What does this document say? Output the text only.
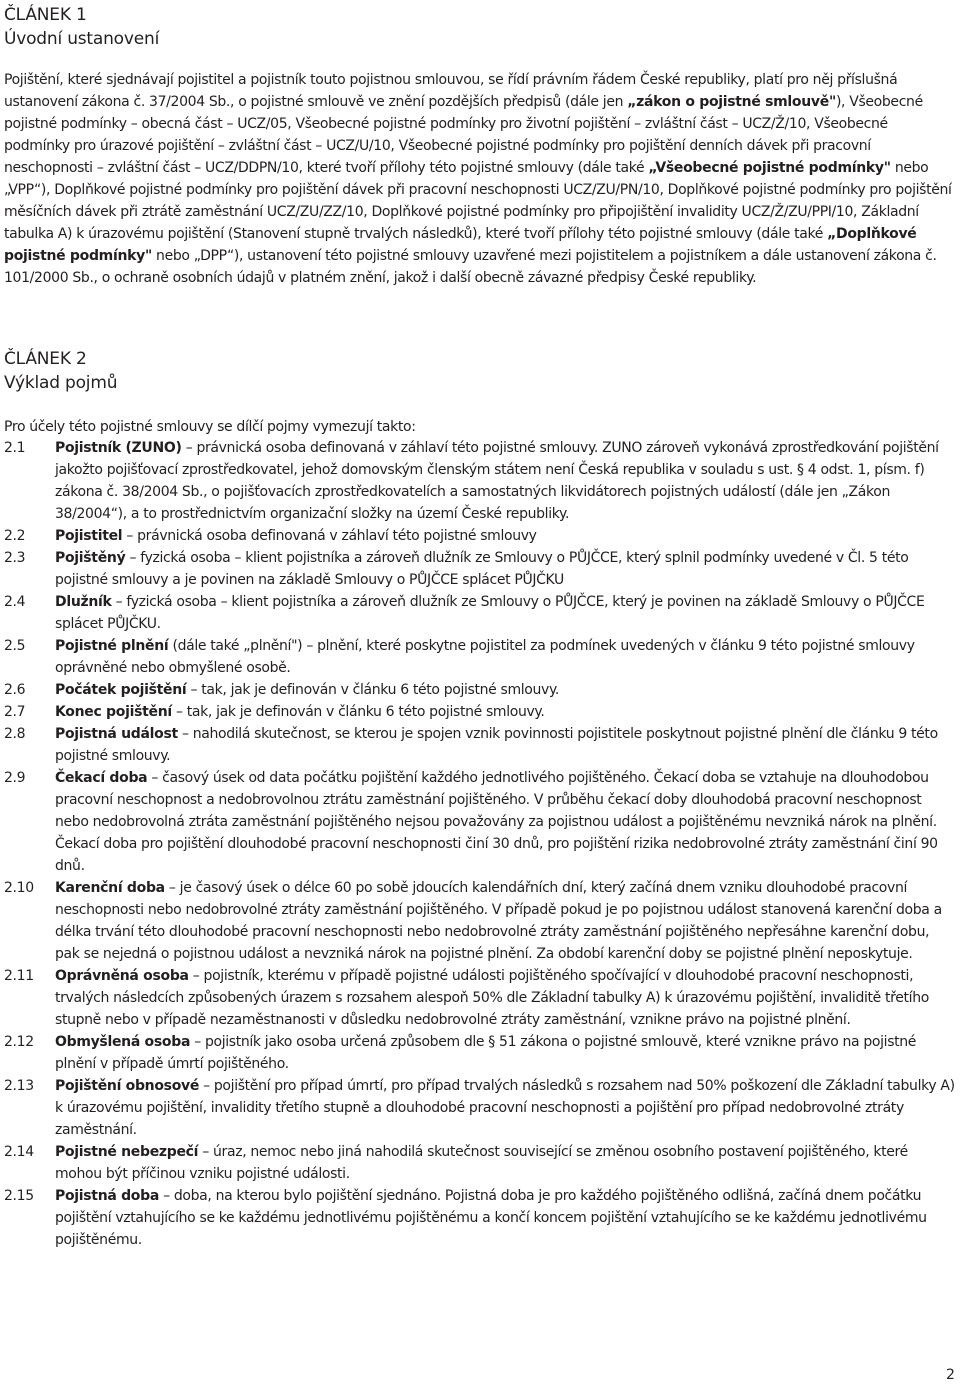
ČLÁNEK 1
Úvodní ustanovení

Pojištění, které sjednávají pojistitel a pojistník touto pojistnou smlouvou, se řídí právním řádem České republiky, platí pro něj příslušná ustanovení zákona č. 37/2004 Sb., o pojistné smlouvě ve znění pozdějších předpisů (dále jen „zákon o pojistné smlouvě"), Všeobecné pojistné podmínky – obecná část – UCZ/05, Všeobecné pojistné podmínky pro životní pojištění – zvláštní část – UCZ/Ž/10, Všeobecné podmínky pro úrazové pojištění – zvláštní část – UCZ/U/10, Všeobecné pojistné podmínky pro pojištění denních dávek při pracovní neschopnosti – zvláštní část – UCZ/DDPN/10, které tvoří přílohy této pojistné smlouvy (dále také „Všeobecné pojistné podmínky" nebo „VPP“), Doplňkové pojistné podmínky pro pojištění dávek při pracovní neschopnosti UCZ/ZU/PN/10, Doplňkové pojistné podmínky pro pojištění měsíčních dávek při ztrátě zaměstnání UCZ/ZU/ZZ/10, Doplňkové pojistné podmínky pro připojištění invalidity UCZ/Ž/ZU/PPI/10, Základní tabulka A) k úrazovému pojištění (Stanovení stupně trvalých následků), které tvoří přílohy této pojistné smlouvy (dále také „Doplňkové pojistné podmínky" nebo „DPP“), ustanovení této pojistné smlouvy uzavřené mezi pojistitelem a pojistníkem a dále ustanovení zákona č. 101/2000 Sb., o ochraně osobních údajů v platném znění, jakož i další obecně závazné předpisy České republiky.

ČLÁNEK 2
Výklad pojmů

Pro účely této pojistné smlouvy se dílčí pojmy vymezují takto:

2.1	Pojistník (ZUNO) – právnická osoba definovaná v záhlaví této pojistné smlouvy. ZUNO zároveň vykonává zprostředkování pojištění jakožto pojišťovací zprostředkovatel, jehož domovským členským státem není Česká republika v souladu s ust. § 4 odst. 1, písm. f) zákona č. 38/2004 Sb., o pojišťovacích zprostředkovatelích a samostatných likvidátorech pojistných událostí (dále jen „Zákon 38/2004“), a to prostřednictvím organizační složky na území České republiky.
2.2	Pojistitel – právnická osoba definovaná v záhlaví této pojistné smlouvy
2.3	Pojištěný – fyzická osoba – klient pojistníka a zároveň dlužník ze Smlouvy o PŮJČCE, který splnil podmínky uvedené v Čl. 5 této pojistné smlouvy a je povinen na základě Smlouvy o PŮJČCE splácet PŮJČKU
2.4	Dlužník – fyzická osoba – klient pojistníka a zároveň dlužník ze Smlouvy o PŮJČCE, který je povinen na základě Smlouvy o PŮJČCE splácet PŮJČKU.
2.5	Pojistné plnění (dále také „plnění") – plnění, které poskytne pojistitel za podmínek uvedených v článku 9 této pojistné smlouvy oprávněné nebo obmyšlené osobě.
2.6	Počátek pojištění – tak, jak je definován v článku 6 této pojistné smlouvy.
2.7	Konec pojištění – tak, jak je definován v článku 6 této pojistné smlouvy.
2.8	Pojistná událost – nahodilá skutečnost, se kterou je spojen vznik povinnosti pojistitele poskytnout pojistné plnění dle článku 9 této pojistné smlouvy.
2.9	Čekací doba – časový úsek od data počátku pojištění každého jednotlivého pojištěného. Čekací doba se vztahuje na dlouhodobou pracovní neschopnost a nedobrovolnou ztrátu zaměstnání pojištěného. V průběhu čekací doby dlouhodobá pracovní neschopnost nebo nedobrovolná ztráta zaměstnání pojištěného nejsou považovány za pojistnou událost a pojištěnému nevzniká nárok na plnění. Čekací doba pro pojištění dlouhodobé pracovní neschopnosti činí 30 dnů, pro pojištění rizika nedobrovolné ztráty zaměstnání činí 90 dnů.
2.10	Karenční doba – je časový úsek o délce 60 po sobě jdoucích kalendářních dní, který začíná dnem vzniku dlouhodobé pracovní neschopnosti nebo nedobrovolné ztráty zaměstnání pojištěného. V případě pokud je po pojistnou událost stanovená karenční doba a délka trvání této dlouhodobé pracovní neschopnosti nebo nedobrovolné ztráty zaměstnání pojištěného nepřesáhne karenční dobu, pak se nejedná o pojistnou událost a nevzniká nárok na pojistné plnění. Za období karenční doby se pojistné plnění neposkytuje.
2.11	Oprávněná osoba – pojistník, kterému v případě pojistné události pojištěného spočívající v dlouhodobé pracovní neschopnosti, trvalých následcích způsobených úrazem s rozsahem alespoň 50% dle Základní tabulky A) k úrazovému pojištění, invaliditě třetího stupně nebo v případě nezaměstnanosti v důsledku nedobrovolné ztráty zaměstnání, vznikne právo na pojistné plnění.
2.12	Obmyšlená osoba – pojistník jako osoba určená způsobem dle § 51 zákona o pojistné smlouvě, které vznikne právo na pojistné plnění v případě úmrtí pojištěného.
2.13	Pojištění obnosové – pojištění pro případ úmrtí, pro případ trvalých následků s rozsahem nad 50% poškození dle Základní tabulky A) k úrazovému pojištění, invalidity třetího stupně a dlouhodobé pracovní neschopnosti a pojištění pro případ nedobrovolné ztráty zaměstnání.
2.14	Pojistné nebezpečí – úraz, nemoc nebo jiná nahodilá skutečnost související se změnou osobního postavení pojištěného, které mohou být příčinou vzniku pojistné události.
2.15	Pojistná doba – doba, na kterou bylo pojištění sjednáno. Pojistná doba je pro každého pojištěného odlišná, začíná dnem počátku pojištění vztahujícího se ke každému jednotlivému pojištěnému a končí koncem pojištění vztahujícího se ke každému jednotlivému pojištěnému.
2
